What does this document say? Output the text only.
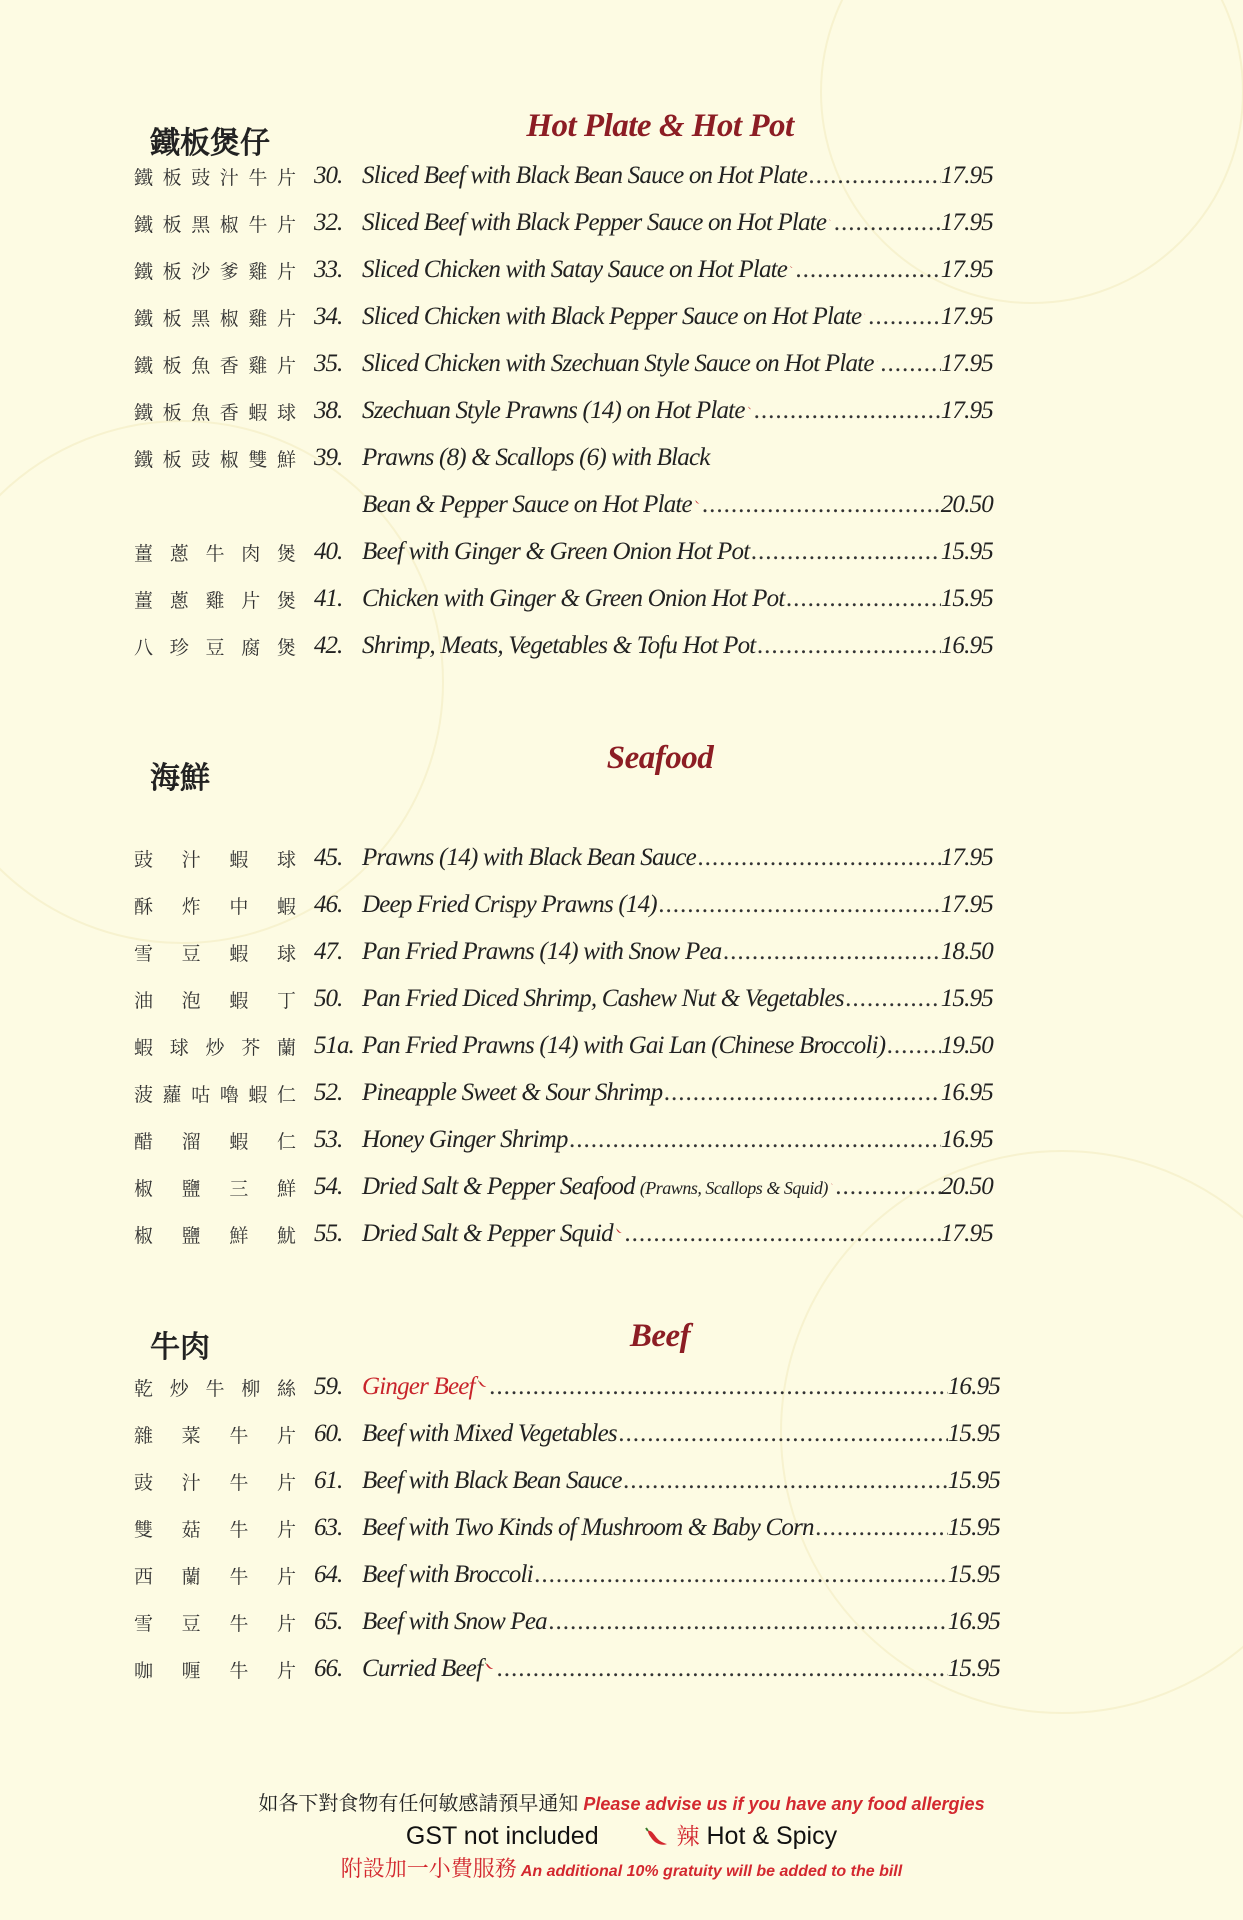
鐵板煲仔	Hot Plate & Hot Pot
鐵 板 豉 汁 牛 片 30. Sliced Beef with Black Bean Sauce on Hot Plate .....	17.95
鐵 板 黑 椒 牛 片 32. Sliced Beef with Black Pepper Sauce on Hot Plate .....	17.95
鐵 板 沙 爹 雞 片 33. Sliced Chicken with Satay Sauce on Hot Plate .....	17.95
鐵 板 黑 椒 雞 片 34. Sliced Chicken with Black Pepper Sauce on Hot Plate .....	17.95
鐵 板 魚 香 雞 片 35. Sliced Chicken with Szechuan Style Sauce on Hot Plate .....	17.95
鐵 板 魚 香 蝦 球 38. Szechuan Style Prawns (14) on Hot Plate .....	17.95
鐵 板 豉 椒 雙 鮮 39. Prawns (8) & Scallops (6) with Black
Bean & Pepper Sauce on Hot Plate .....	20.50
薑 蔥 牛 肉 煲 40. Beef with Ginger & Green Onion Hot Pot .....	15.95
薑 蔥 雞 片 煲 41. Chicken with Ginger & Green Onion Hot Pot .....	15.95
八 珍 豆 腐 煲 42. Shrimp, Meats, Vegetables & Tofu Hot Pot .....	16.95
海鮮
Seafood
豉 汁 蝦 球 45. Prawns (14) with Black Bean Sauce .....	17.95
酥 炸 中 蝦 46. Deep Fried Crispy Prawns (14) .....	17.95
雪 豆 蝦 球 47. Pan Fried Prawns (14) with Snow Pea .....	18.50
油 泡 蝦 丁 50. Pan Fried Diced Shrimp, Cashew Nut & Vegetables .....	15.95
蝦 球 炒 芥 蘭 51a. Pan Fried Prawns (14) with Gai Lan (Chinese Broccoli) ..... 19.50
菠 蘿 咕 嚕 蝦 仁 52. Pineapple Sweet & Sour Shrimp .....	16.95
醋 溜 蝦 仁 53. Honey Ginger Shrimp .....	16.95
椒 鹽 三 鮮 54. Dried Salt & Pepper Seafood (Prawns, Scallops & Squid) .....	20.50
椒 鹽 鮮 魷 55. Dried Salt & Pepper Squid .....	17.95
牛肉	Beef
乾 炒 牛 柳 絲 59. Ginger Beef .....	16.95
雜 菜 牛 片 60. Beef with Mixed Vegetables .....	15.95
豉 汁 牛 片 61. Beef with Black Bean Sauce .....	15.95
雙 菇 牛 片 63. Beef with Two Kinds of Mushroom & Baby Corn .....	15.95
西 蘭 牛 片 64. Beef with Broccoli .....	15.95
雪 豆 牛 片 65. Beef with Snow Pea .....	16.95
咖 喱 牛 片 66. Curried Beef .....	15.95
如各下對食物有任何敏感請預早通知 Please advise us if you have any food allergies
GST not included	辣 Hot & Spicy
附設加一小費服務 An additional 10% gratuity will be added to the bill
